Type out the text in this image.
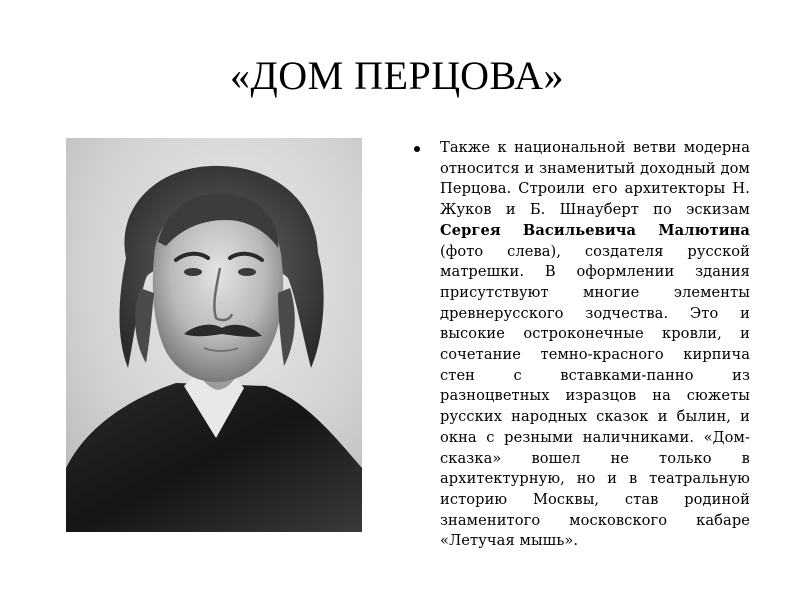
«ДОМ ПЕРЦОВА»
Также к национальной ветви модерна относится и знаменитый доходный дом Перцова. Строили его архитекторы Н. Жуков и Б. Шнауберт по эскизам Сергея Васильевича Малютина (фото слева), создателя русской матрешки. В оформлении здания присутствуют многие элементы древнерусского зодчества. Это и высокие остроконечные кровли, и сочетание темно-красного кирпича стен с вставками-панно из разноцветных изразцов на сюжеты русских народных сказок и былин, и окна с резными наличниками. «Дом-сказка» вошел не только в архитектурную, но и в театральную историю Москвы, став родиной знаменитого московского кабаре «Летучая мышь».
